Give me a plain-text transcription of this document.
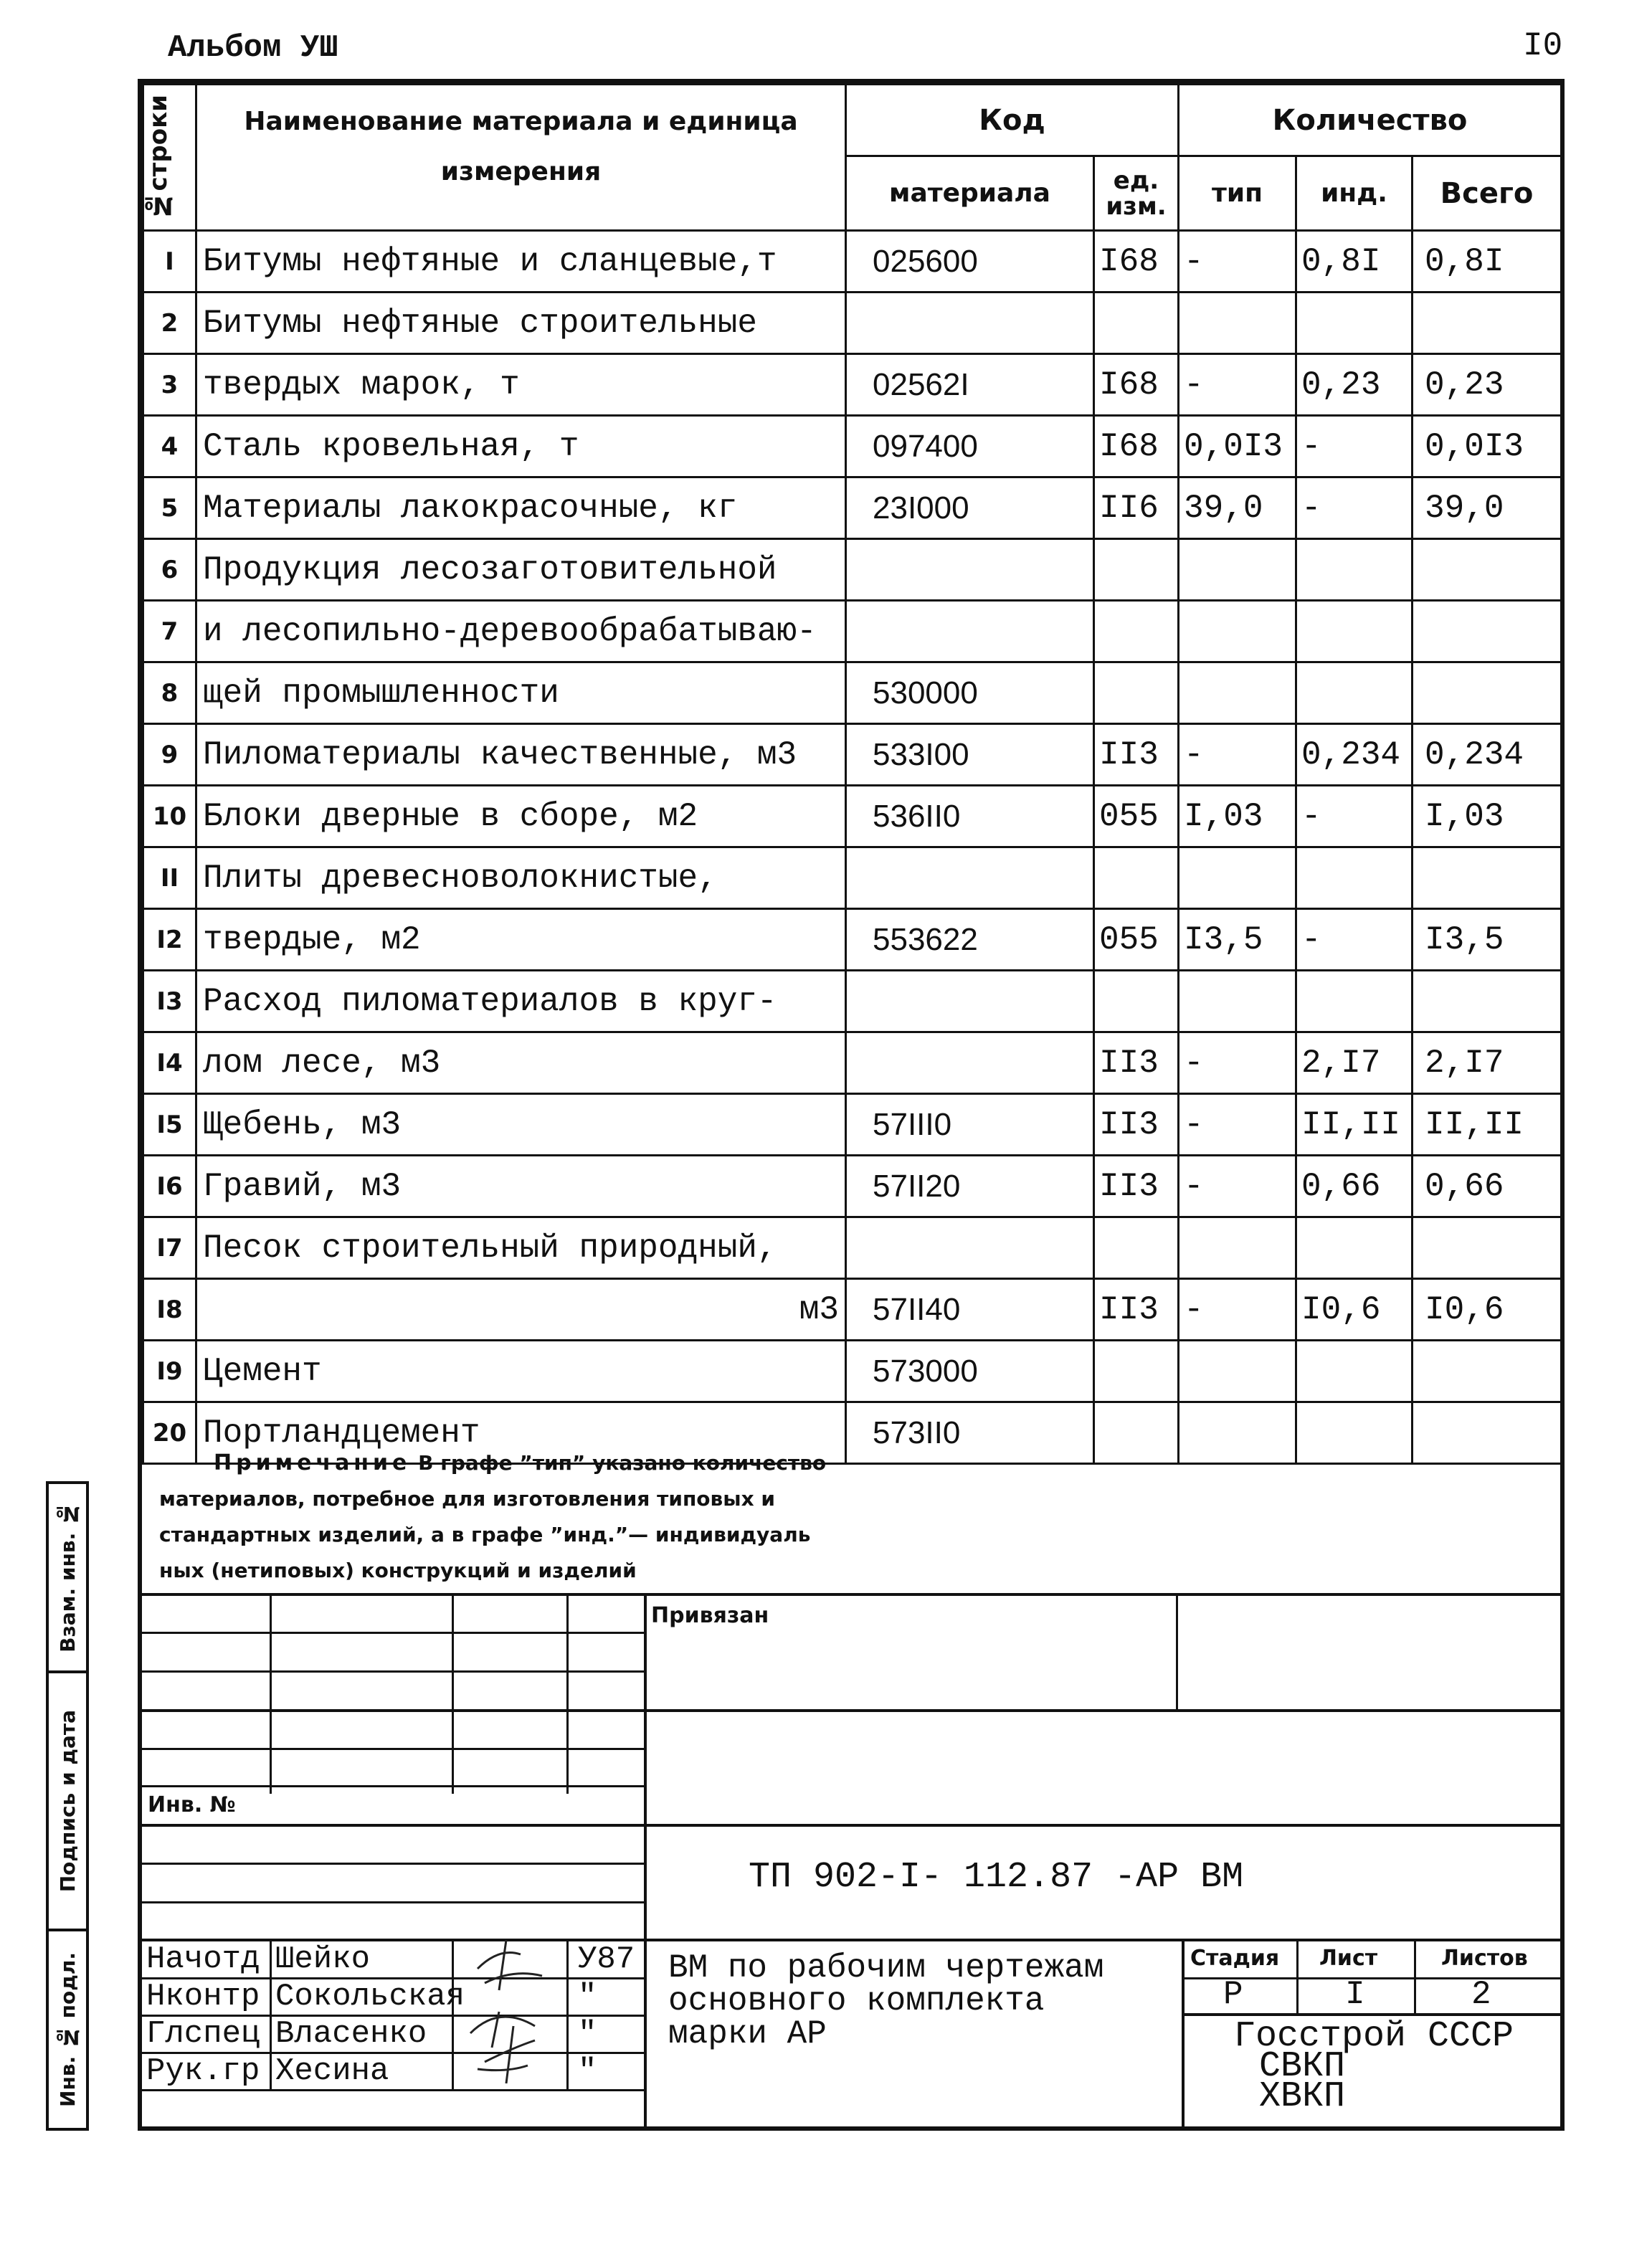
Альбом УШ	I0
№строки	Наименование материала и единица измерения	Код		Количество		
		материала	ед. изм.	тип	инд.	Всего
I	Битумы нефтяные и сланцевые,т	025600	I68	-	0,8I	0,8I
2	Битумы нефтяные строительные					
3	твердых марок, т	02562I	I68	-	0,23	0,23
4	Сталь кровельная, т	097400	I68	0,0I3	-	0,0I3
5	Материалы лакокрасочные, кг	23I000	II6	39,0	-	39,0
6	Продукция лесозаготовительной					
7	и лесопильно-деревообрабатываю-					
8	щей промышленности	530000				
9	Пиломатериалы качественные, м3	533I00	II3	-	0,234	0,234
10	Блоки дверные в сборе, м2	536II0	055	I,03	-	I,03
II	Плиты древесноволокнистые,					
I2	твердые, м2	553622	055	I3,5	-	I3,5
I3	Расход пиломатериалов в круг-					
I4	лом лесе, м3		II3	-	2,I7	2,I7
I5	Щебень, м3	57III0	II3	-	II,II	II,II
I6	Гравий, м3	57II20	II3	-	0,66	0,66
I7	Песок строительный природный,					
I8	м3	57II40	II3	-	I0,6	I0,6
I9	Цемент	573000				
20	Портландцемент	573II0				
Примечание В графе ”тип” указано количество
материалов, потребное для изготовления типовых и
стандартных изделий, а в графе ”инд.”— индивидуаль
ных (нетиповых) конструкций и изделий
Взам. инв. №
Подпись и дата
Инв. № подл.
Привязан
Инв. №
ТП 902-I- 112.87 -АР ВМ
Начотд Шейко	У87
Нконтр Сокольская	"
Глспец Власенко	"
Рук.гр Хесина	"
ВМ по рабочим чертежам
основного комплекта
марки АР
Стадия Лист	Листов
Р	I	2
Госстрой СССР
СВКП
ХВКП
